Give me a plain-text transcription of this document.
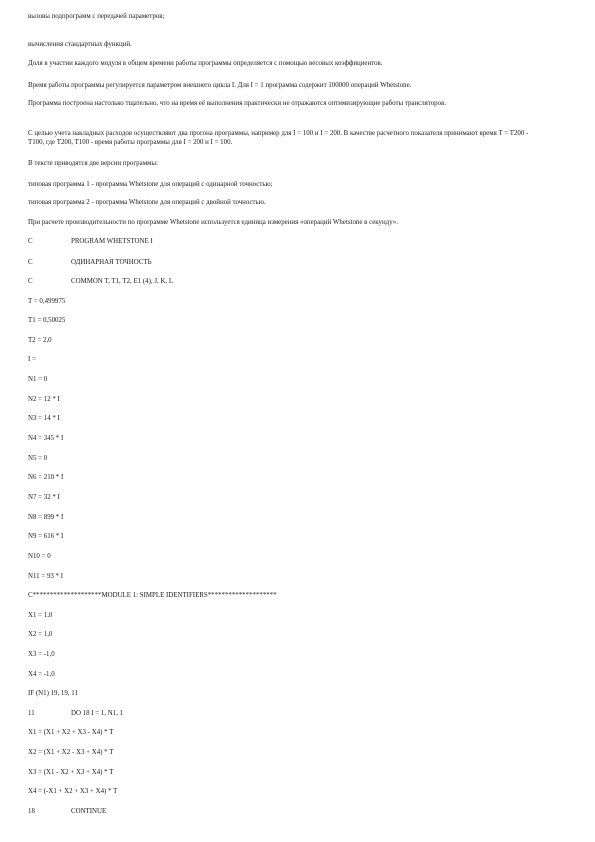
вызовы подпрограмм с передачей параметров;
вычисления стандартных функций.
Доля в участии каждого модуля в общем времени работы программы определяется с помощью весовых коэффициентов.
Время работы программы регулируется параметром внешнего цикла I. Для I = 1 программа содержит 100000 операций Whetstone.
Программа построена настолько тщательно, что на время её выполнения практически не отражаются оптимизирующие работы трансляторов.
С целью учета накладных расходов осуществляют два прогона программы, например для I = 100 и I = 200. В качестве расчетного показателя принимают время T = T200 - T100, где T200, T100 - время работы программы для I = 200 и I = 100.
В тексте приводятся две версии программы:
типовая программа 1 - программа Whetstone для операций с одинарной точностью;
типовая программа 2 - программа Whetstone для операций с двойной точностью.
При расчете производительности по программе Whetstone используется единица измерения «операций Whetstone в секунду».
C	PROGRAM WHETSTONE I
C	ОДИНАРНАЯ ТОЧНОСТЬ
C	COMMON T, T1, T2, E1 (4), J, K, L
T = 0,499975
T1 = 0,50025
T2 = 2,0
I =
N1 = 0
N2 = 12 * I
N3 = 14 * I
N4 = 345 * I
N5 = 0
N6 = 210 * I
N7 = 32 * I
N8 = 899 * I
N9 = 616 * I
N10 = 0
N11 = 93 * I
C********************MODULE 1: SIMPLE IDENTIFIERS********************
X1 = 1,0
X2 = 1,0
X3 = -1,0
X4 = -1,0
IF (N1) 19, 19, 11
11	DO 18 I = 1, N1, 1
X1 = (X1 + X2 + X3 - X4) * T
X2 = (X1 + X2 - X3 + X4) * T
X3 = (X1 - X2 + X3 + X4) * T
X4 = (-X1 + X2 + X3 + X4) * T
18	CONTINUE
